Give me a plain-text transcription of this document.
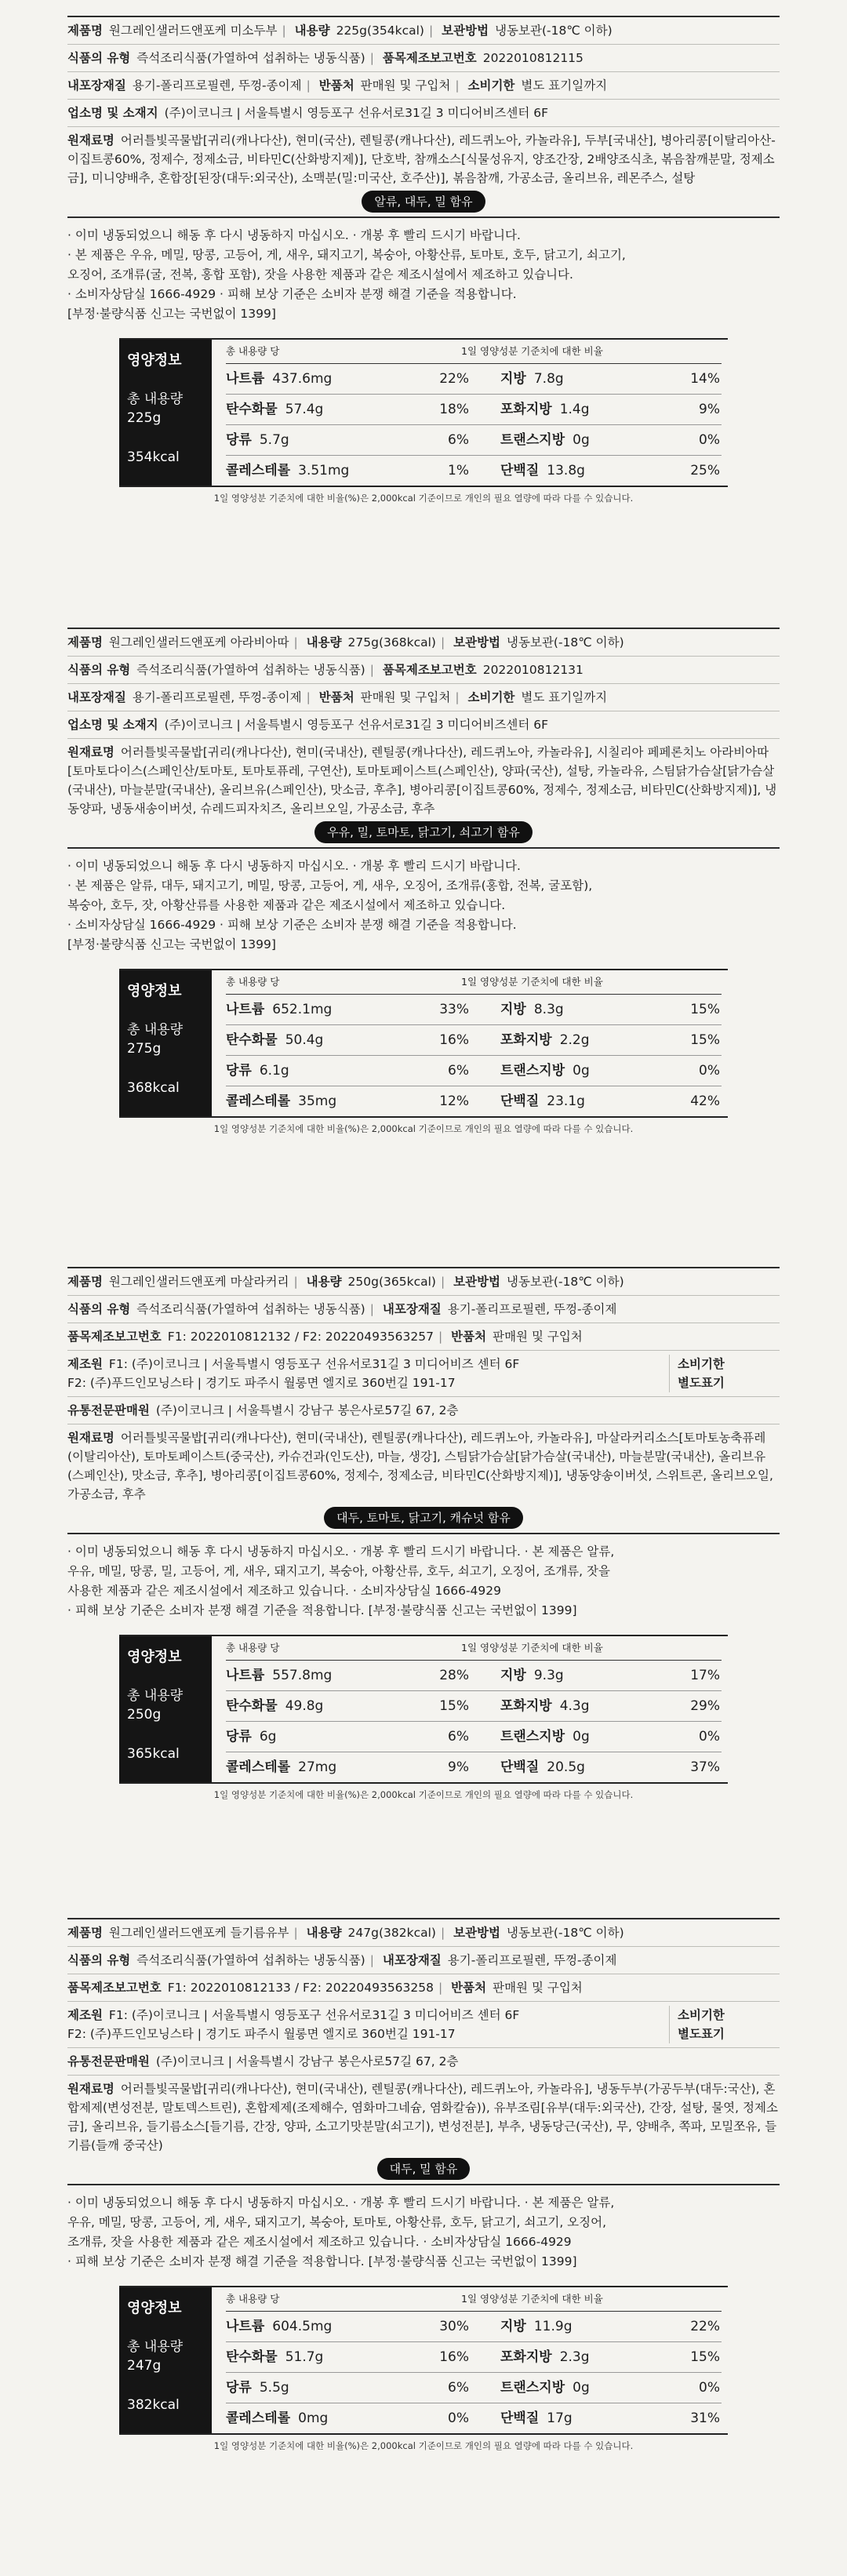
제품명 원그레인샐러드앤포케 미소두부 | 내용량 225g(354kcal) | 보관방법 냉동보관(-18℃ 이하)
식품의 유형 즉석조리식품(가열하여 섭취하는 냉동식품) | 품목제조보고번호 2022010812115
내포장재질 용기-폴리프로필렌, 뚜껑-종이제 | 반품처 판매원 및 구입처 | 소비기한 별도 표기일까지
업소명 및 소재지 (주)이코니크 | 서울특별시 영등포구 선유서로31길 3 미디어비즈센터 6F
원재료명 어러틀빛곡물밥[귀리(캐나다산), 현미(국산), 렌틸콩(캐나다산), 레드퀴노아, 카놀라유], 두부[국내산], 병아리콩[이탈리아산-이집트콩60%, 정제수, 정제소금, 비타민C(산화방지제)], 단호박, 참깨소스[식물성유지, 양조간장, 2배양조식초, 볶음참깨분말, 정제소금], 미니양배추, 혼합장[된장(대두:외국산), 소맥분(밀:미국산, 호주산)], 볶음참깨, 가공소금, 올리브유, 레몬주스, 설탕
알류, 대두, 밀 함유
· 이미 냉동되었으니 해동 후 다시 냉동하지 마십시오. · 개봉 후 빨리 드시기 바랍니다.
· 본 제품은 우유, 메밀, 땅콩, 고등어, 게, 새우, 돼지고기, 복숭아, 아황산류, 토마토, 호두, 닭고기, 쇠고기,
오징어, 조개류(굴, 전복, 홍합 포함), 잣을 사용한 제품과 같은 제조시설에서 제조하고 있습니다.
· 소비자상담실 1666-4929 · 피해 보상 기준은 소비자 분쟁 해결 기준을 적용합니다.
[부정·불량식품 신고는 국번없이 1399]
영양정보
총 내용량
225g
354kcal
총 내용량 당	1일 영양성분 기준치에 대한 비율
나트륨 437.6mg	22% 지방 7.8g	14%
탄수화물 57.4g	18% 포화지방 1.4g	9%
당류 5.7g	6% 트랜스지방 0g	0%
콜레스테롤 3.51mg	1% 단백질 13.8g	25%
1일 영양성분 기준치에 대한 비율(%)은 2,000kcal 기준이므로 개인의 필요 열량에 따라 다를 수 있습니다.
제품명 원그레인샐러드앤포케 아라비아따 | 내용량 275g(368kcal) | 보관방법 냉동보관(-18℃ 이하)
식품의 유형 즉석조리식품(가열하여 섭취하는 냉동식품) | 품목제조보고번호 2022010812131
내포장재질 용기-폴리프로필렌, 뚜껑-종이제 | 반품처 판매원 및 구입처 | 소비기한 별도 표기일까지
업소명 및 소재지 (주)이코니크 | 서울특별시 영등포구 선유서로31길 3 미디어비즈센터 6F
원재료명 어러틀빛곡물밥[귀리(캐나다산), 현미(국내산), 렌틸콩(캐나다산), 레드퀴노아, 카놀라유], 시칠리아 페페론치노 아라비아따[토마토다이스(스페인산/토마토, 토마토퓨레, 구연산), 토마토페이스트(스페인산), 양파(국산), 설탕, 카놀라유, 스팀닭가슴살[닭가슴살(국내산), 마늘분말(국내산), 올리브유(스페인산), 맛소금, 후추], 병아리콩[이집트콩60%, 정제수, 정제소금, 비타민C(산화방지제)], 냉동양파, 냉동새송이버섯, 슈레드피자치즈, 올리브오일, 가공소금, 후추
우유, 밀, 토마토, 닭고기, 쇠고기 함유
· 이미 냉동되었으니 해동 후 다시 냉동하지 마십시오. · 개봉 후 빨리 드시기 바랍니다.
· 본 제품은 알류, 대두, 돼지고기, 메밀, 땅콩, 고등어, 게, 새우, 오징어, 조개류(홍합, 전복, 굴포함),
복숭아, 호두, 잣, 아황산류를 사용한 제품과 같은 제조시설에서 제조하고 있습니다.
· 소비자상담실 1666-4929 · 피해 보상 기준은 소비자 분쟁 해결 기준을 적용합니다.
[부정·불량식품 신고는 국번없이 1399]
영양정보
총 내용량
275g
368kcal
총 내용량 당	1일 영양성분 기준치에 대한 비율
나트륨 652.1mg	33% 지방 8.3g	15%
탄수화물 50.4g	16% 포화지방 2.2g	15%
당류 6.1g	6% 트랜스지방 0g	0%
콜레스테롤 35mg	12% 단백질 23.1g	42%
1일 영양성분 기준치에 대한 비율(%)은 2,000kcal 기준이므로 개인의 필요 열량에 따라 다를 수 있습니다.
제품명 원그레인샐러드앤포케 마살라커리 | 내용량 250g(365kcal) | 보관방법 냉동보관(-18℃ 이하)
식품의 유형 즉석조리식품(가열하여 섭취하는 냉동식품) | 내포장재질 용기-폴리프로필렌, 뚜껑-종이제
품목제조보고번호 F1: 2022010812132 / F2: 20220493563257 | 반품처 판매원 및 구입처
제조원 F1: (주)이코니크 | 서울특별시 영등포구 선유서로31길 3 미디어비즈 센터 6F
F2: (주)푸드인모닝스타 | 경기도 파주시 월롱면 엘지로 360번길 191-17
소비기한
별도표기
유통전문판매원 (주)이코니크 | 서울특별시 강남구 봉은사로57길 67, 2층
원재료명 어러틀빛곡물밥[귀리(캐나다산), 현미(국내산), 렌틸콩(캐나다산), 레드퀴노아, 카놀라유], 마살라커리소스[토마토농축퓨레(이탈리아산), 토마토페이스트(중국산), 카슈건과(인도산), 마늘, 생강], 스팀닭가슴살[닭가슴살(국내산), 마늘분말(국내산), 올리브유(스페인산), 맛소금, 후추], 병아리콩[이집트콩60%, 정제수, 정제소금, 비타민C(산화방지제)], 냉동양송이버섯, 스위트콘, 올리브오일, 가공소금, 후추
대두, 토마토, 닭고기, 캐슈넛 함유
· 이미 냉동되었으니 해동 후 다시 냉동하지 마십시오. · 개봉 후 빨리 드시기 바랍니다. · 본 제품은 알류,
우유, 메밀, 땅콩, 밀, 고등어, 게, 새우, 돼지고기, 복숭아, 아황산류, 호두, 쇠고기, 오징어, 조개류, 잣을
사용한 제품과 같은 제조시설에서 제조하고 있습니다. · 소비자상담실 1666-4929
· 피해 보상 기준은 소비자 분쟁 해결 기준을 적용합니다. [부정·불량식품 신고는 국번없이 1399]
영양정보
총 내용량
250g
365kcal
총 내용량 당	1일 영양성분 기준치에 대한 비율
나트륨 557.8mg	28% 지방 9.3g	17%
탄수화물 49.8g	15% 포화지방 4.3g	29%
당류 6g	6% 트랜스지방 0g	0%
콜레스테롤 27mg	9% 단백질 20.5g	37%
1일 영양성분 기준치에 대한 비율(%)은 2,000kcal 기준이므로 개인의 필요 열량에 따라 다를 수 있습니다.
제품명 원그레인샐러드앤포케 들기름유부 | 내용량 247g(382kcal) | 보관방법 냉동보관(-18℃ 이하)
식품의 유형 즉석조리식품(가열하여 섭취하는 냉동식품) | 내포장재질 용기-폴리프로필렌, 뚜껑-종이제
품목제조보고번호 F1: 2022010812133 / F2: 20220493563258 | 반품처 판매원 및 구입처
제조원 F1: (주)이코니크 | 서울특별시 영등포구 선유서로31길 3 미디어비즈 센터 6F
F2: (주)푸드인모닝스타 | 경기도 파주시 월롱면 엘지로 360번길 191-17
소비기한
별도표기
유통전문판매원 (주)이코니크 | 서울특별시 강남구 봉은사로57길 67, 2층
원재료명 어러틀빛곡물밥[귀리(캐나다산), 현미(국내산), 렌틸콩(캐나다산), 레드퀴노아, 카놀라유], 냉동두부(가공두부(대두:국산), 혼합제제(변성전분, 말토덱스트린), 혼합제제(조제해수, 염화마그네슘, 염화칼슘)), 유부조림[유부(대두:외국산), 간장, 설탕, 물엿, 정제소금], 올리브유, 들기름소스[들기름, 간장, 양파, 소고기맛분말(쇠고기), 변성전분], 부추, 냉동당근(국산), 무, 양배추, 쪽파, 모밀쪼유, 들기름(들깨 중국산)
대두, 밀 함유
· 이미 냉동되었으니 해동 후 다시 냉동하지 마십시오. · 개봉 후 빨리 드시기 바랍니다. · 본 제품은 알류,
우유, 메밀, 땅콩, 고등어, 게, 새우, 돼지고기, 복숭아, 토마토, 아황산류, 호두, 닭고기, 쇠고기, 오징어,
조개류, 잣을 사용한 제품과 같은 제조시설에서 제조하고 있습니다. · 소비자상담실 1666-4929
· 피해 보상 기준은 소비자 분쟁 해결 기준을 적용합니다. [부정·불량식품 신고는 국번없이 1399]
영양정보
총 내용량
247g
382kcal
총 내용량 당	1일 영양성분 기준치에 대한 비율
나트륨 604.5mg	30% 지방 11.9g	22%
탄수화물 51.7g	16% 포화지방 2.3g	15%
당류 5.5g	6% 트랜스지방 0g	0%
콜레스테롤 0mg	0% 단백질 17g	31%
1일 영양성분 기준치에 대한 비율(%)은 2,000kcal 기준이므로 개인의 필요 열량에 따라 다를 수 있습니다.
